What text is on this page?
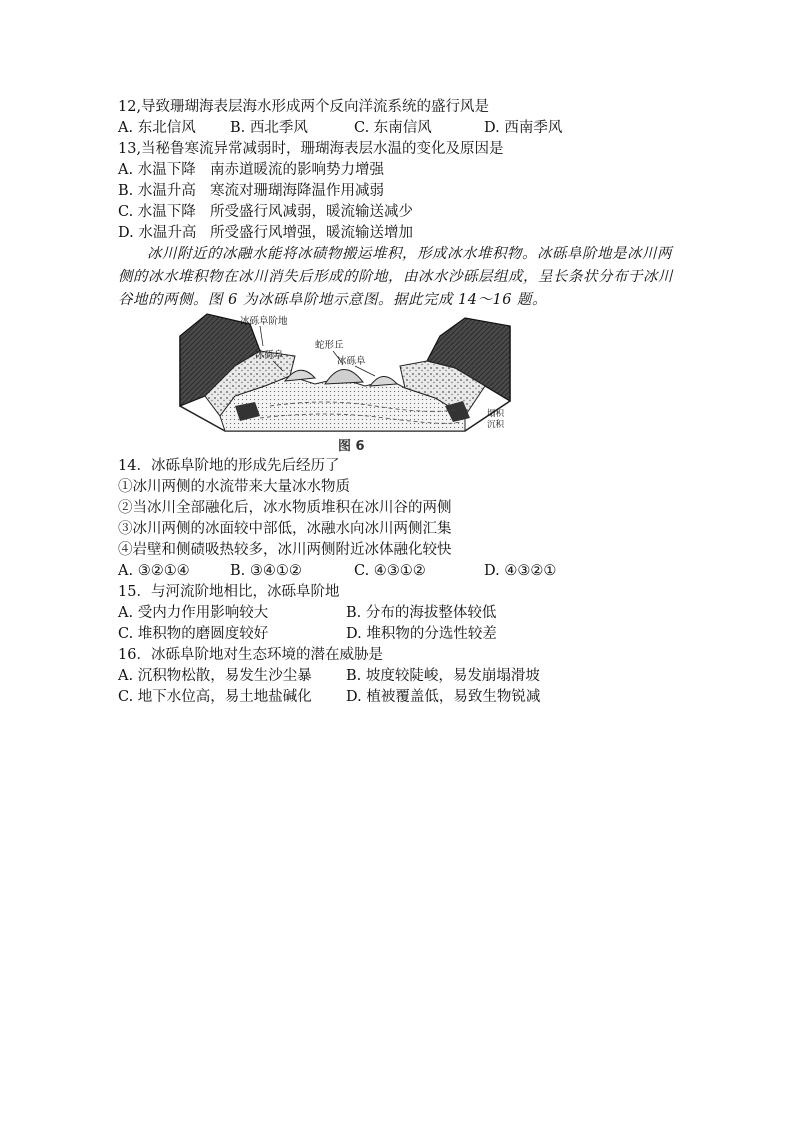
12,导致珊瑚海表层海水形成两个反向洋流系统的盛行风是
A. 东北信风	B. 西北季风	C. 东南信风	D. 西南季风
13,当秘鲁寒流异常减弱时，珊瑚海表层水温的变化及原因是
A. 水温下降 南赤道暖流的影响势力增强
B. 水温升高 寒流对珊瑚海降温作用减弱
C. 水温下降 所受盛行风减弱，暖流输送减少
D. 水温升高 所受盛行风增强，暖流输送增加

冰川附近的冰融水能将冰碛物搬运堆积，形成冰水堆积物。冰砾阜阶地是冰川两侧的冰水堆积物在冰川消失后形成的阶地，由冰水沙砾层组成，呈长条状分布于冰川谷地的两侧。图 6 为冰砾阜阶地示意图。据此完成 14～16 题。

冰砾阜阶地
冰砾阜
蛇形丘
冰砾阜
塌积
沉积
图 6
14．冰砾阜阶地的形成先后经历了
①冰川两侧的水流带来大量冰水物质
②当冰川全部融化后，冰水物质堆积在冰川谷的两侧
③冰川两侧的冰面较中部低，冰融水向冰川两侧汇集
④岩壁和侧碛吸热较多，冰川两侧附近冰体融化较快
A. ③②①④	B. ③④①②	C. ④③①②	D. ④③②①
15．与河流阶地相比，冰砾阜阶地
A. 受内力作用影响较大	B. 分布的海拔整体较低
C. 堆积物的磨圆度较好	D. 堆积物的分选性较差
16．冰砾阜阶地对生态环境的潜在威胁是
A. 沉积物松散，易发生沙尘暴	B. 坡度较陡峻，易发崩塌滑坡
C. 地下水位高，易土地盐碱化	D. 植被覆盖低，易致生物锐减
